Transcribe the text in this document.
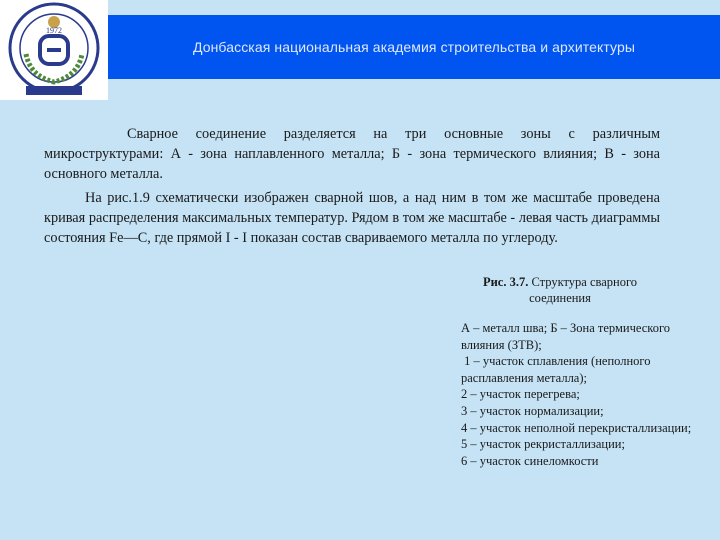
1972
Донбасская национальная академия строительства и архитектуры

Сварное соединение разделяется на три основные зоны с различным микроструктурами: А - зона наплавленного металла; Б - зона термического влияния; В - зона основного металла.

На рис.1.9 схематически изображен сварной шов, а над ним в том же масштабе проведена кривая распределения максимальных температур. Рядом в том же масштабе - левая часть диаграммы состояния Fe—C, где прямой I - I показан состав свариваемого металла по углероду.

Рис. 3.7. Структура сварного соединения
А – металл шва; Б – Зона термического влияния (ЗТВ);
1 – участок сплавления (неполного расплавления металла);
2 – участок перегрева;
3 – участок нормализации;
4 – участок неполной перекристаллизации;
5 – участок рекристаллизации;
6 – участок синеломкости
